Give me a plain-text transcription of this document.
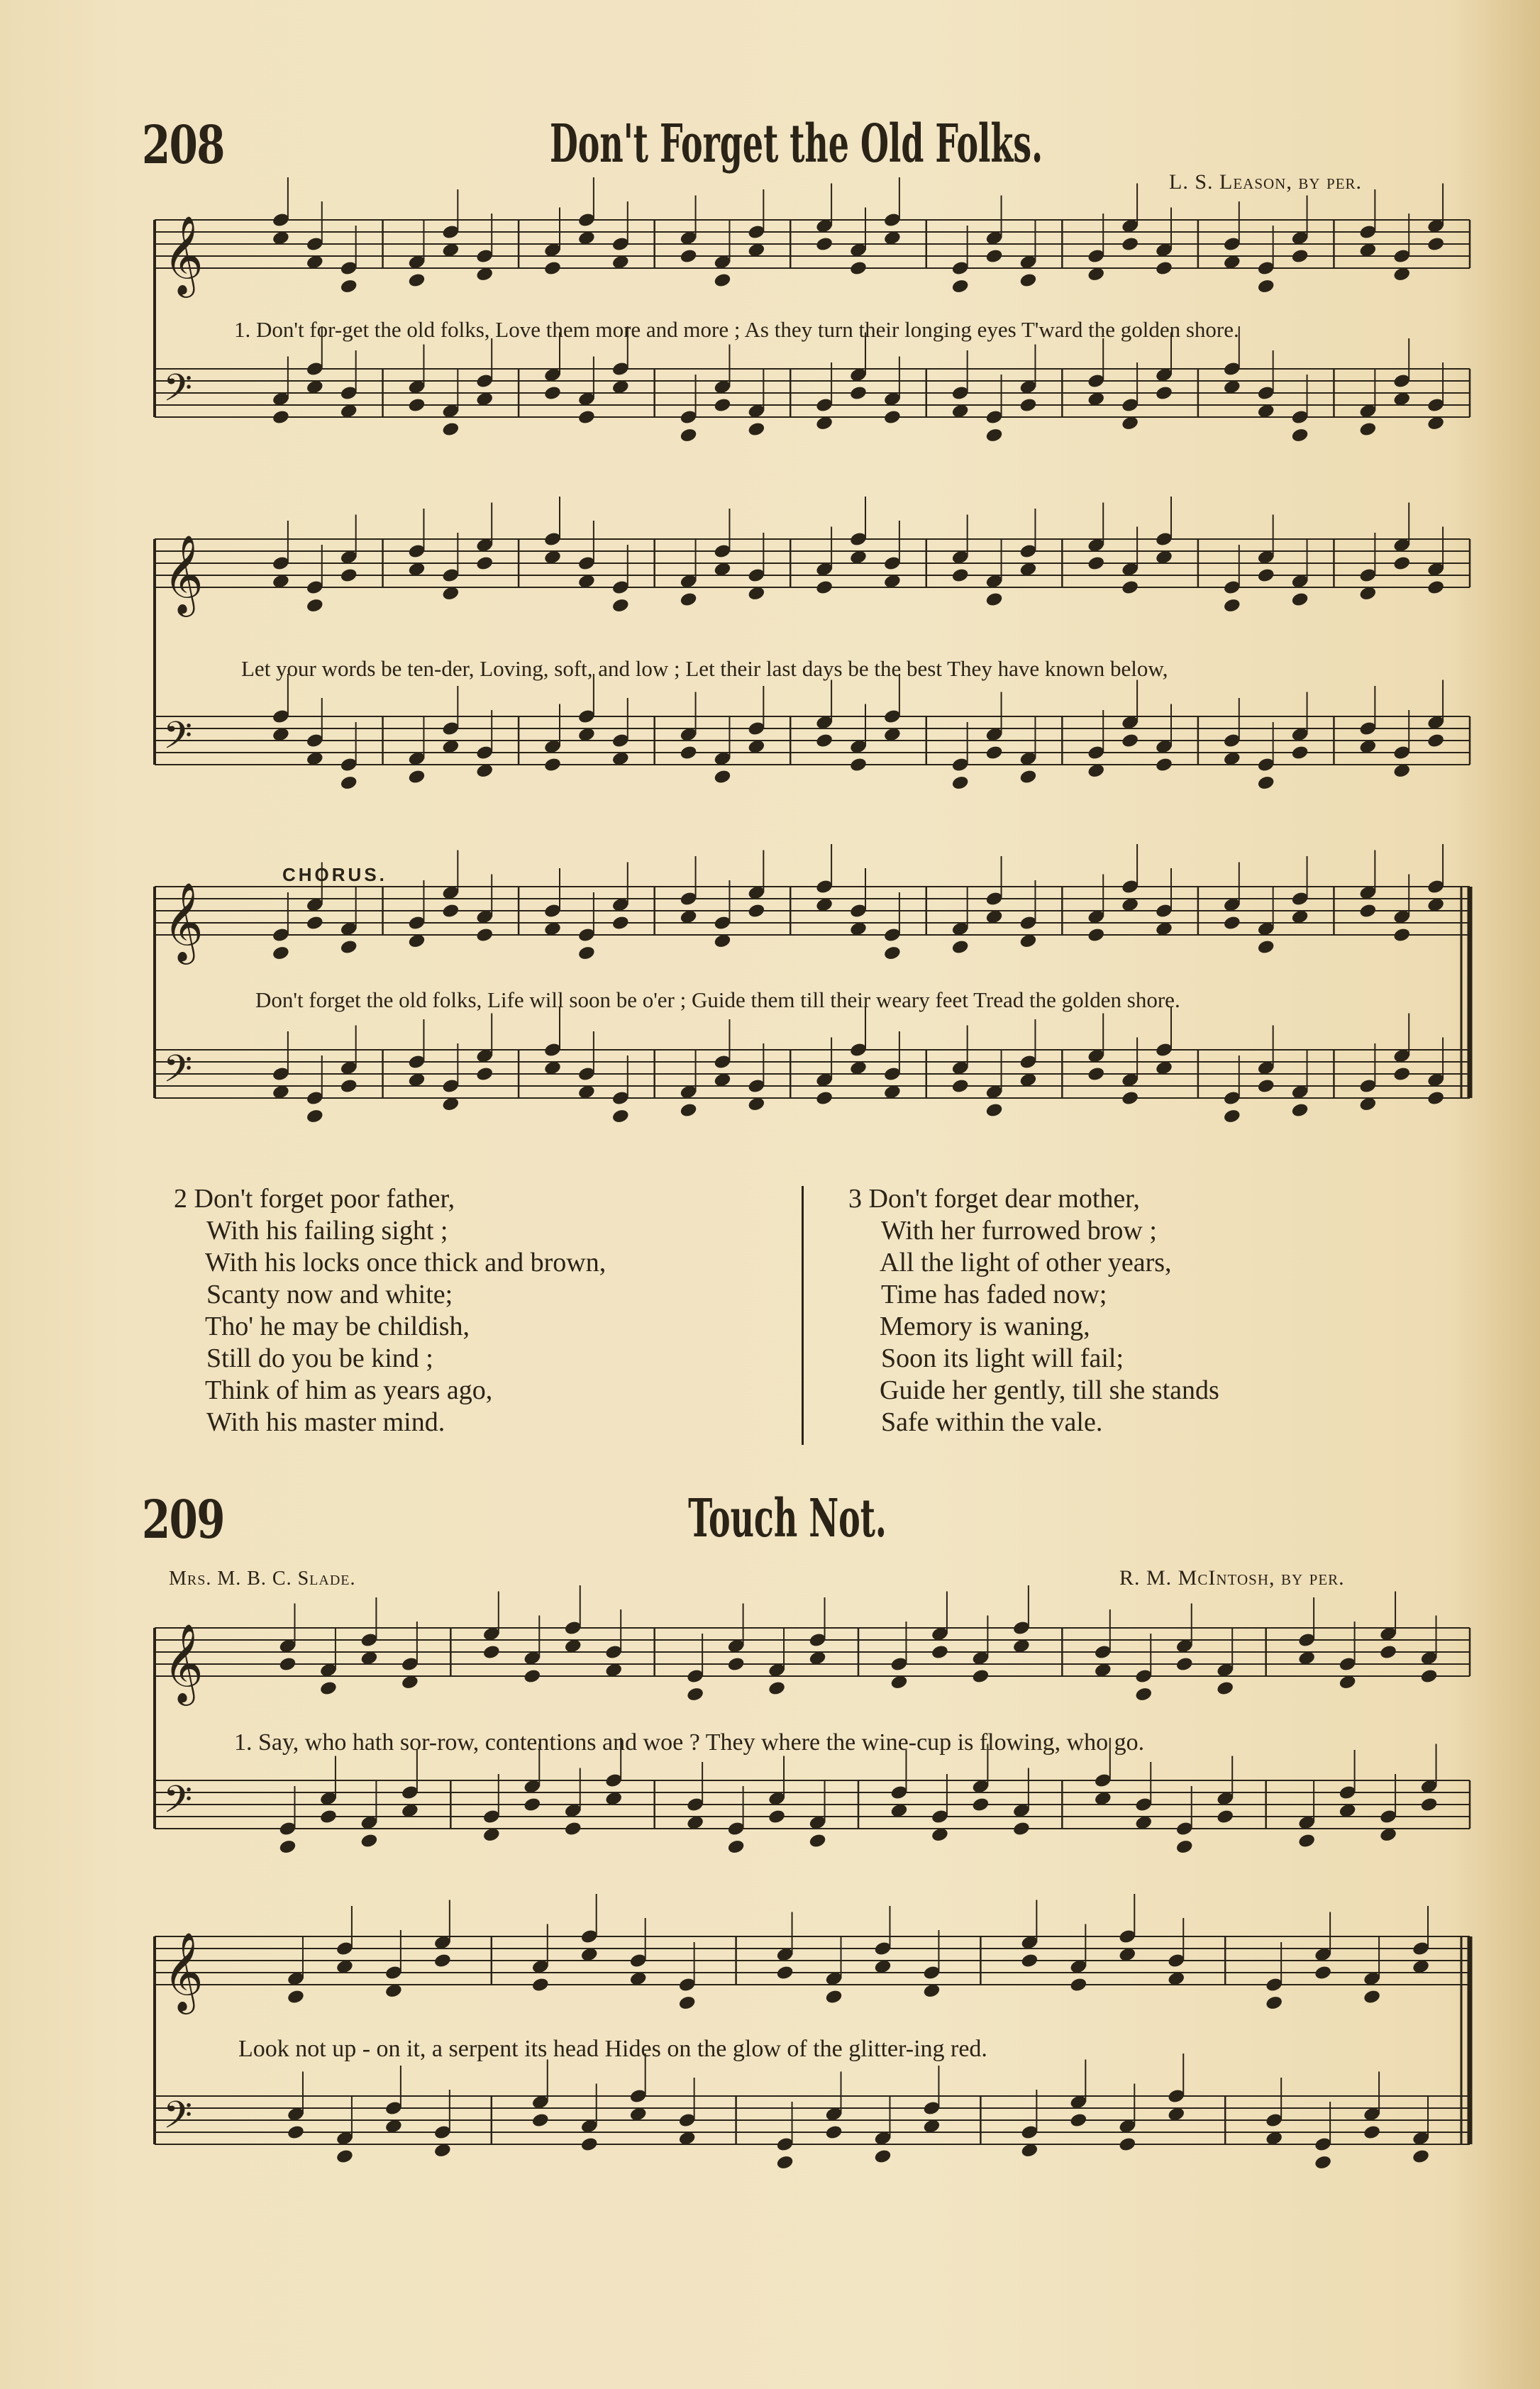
208	Don't Forget the Old Folks.
L. S. Leason, by per.
𝄞
𝄢
𝄞
𝄢
𝄞
𝄢
𝄞
𝄢
𝄞
𝄢
1. Don't for-get the old folks, Love them more and more ; As they turn their longing eyes T'ward the golden shore.
Let your words be ten-der, Loving, soft, and low ; Let their last days be the best They have known below,
CHORUS.
Don't forget the old folks, Life will soon be o'er ; Guide them till their weary feet Tread the golden shore.
2 Don't forget poor father,
With his failing sight ;
With his locks once thick and brown,
Scanty now and white;
Tho' he may be childish,
Still do you be kind ;
Think of him as years ago,
With his master mind.
3 Don't forget dear mother,
With her furrowed brow ;
All the light of other years,
Time has faded now;
Memory is waning,
Soon its light will fail;
Guide her gently, till she stands
Safe within the vale.
209	Touch Not.
Mrs. M. B. C. Slade.	R. M. McIntosh, by per.
1. Say, who hath sor-row, contentions and woe ? They where the wine-cup is flowing, who go.
Look not up - on it, a serpent its head Hides on the glow of the glitter-ing red.
